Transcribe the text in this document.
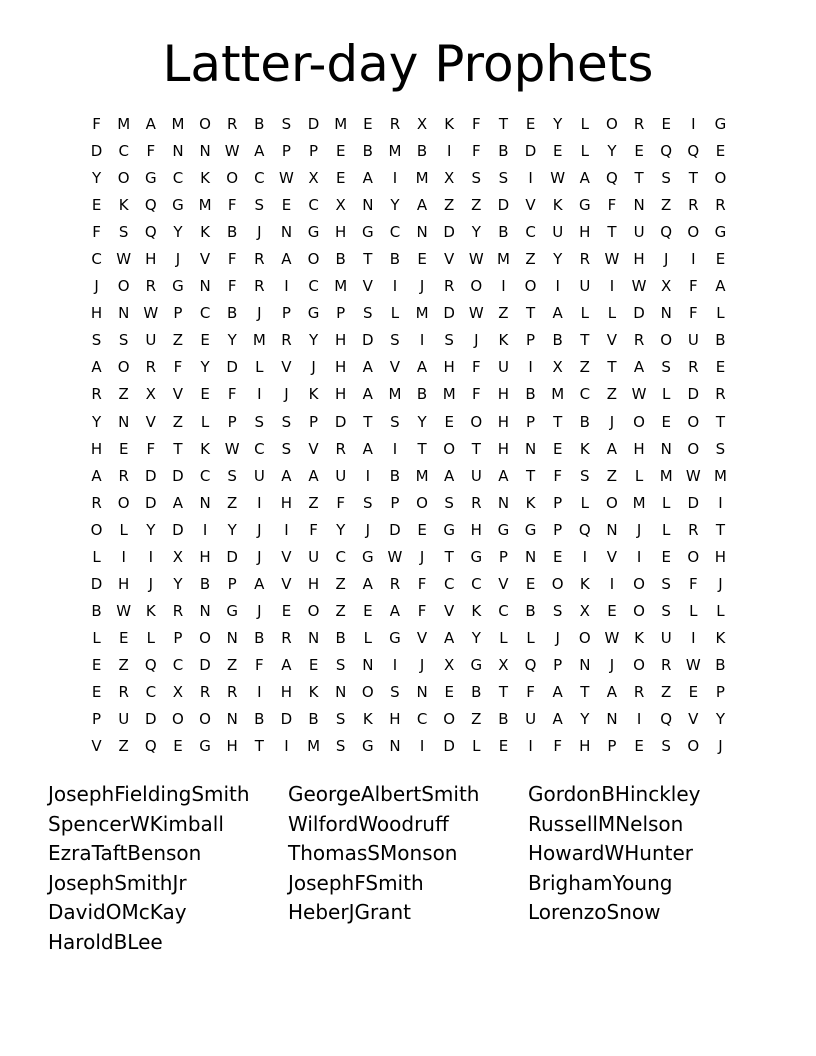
Latter-day Prophets
F	M	A	M O	R	B	S	D M	E	R	X	K	F	T	E	Y	L	O	R	E	I	G
D	C	F	N	N W A	P	P	E	B	M	B	I	F	B	D	E	L	Y	E	Q	Q	E
Y	O	G	C	K	O	C W X	E	A	I	M	X	S	S	I	W A	Q	T	S	T	O
E	K	Q	G M	F	S	E	C	X	N	Y	A	Z	Z	D	V	K	G	F	N	Z	R	R
F	S	Q	Y	K	B	J	N	G	H	G	C	N	D	Y	B	C	U	H	T	U	Q	O	G
C W H	J	V	F	R	A	O	B	T	B	E	V W M	Z	Y	R W H	J	I	E
J	O	R	G	N	F	R	I	C	M	V	I	J	R	O	I	O	I	U	I	W X	F	A
H	N W	P	C	B	J	P	G	P	S	L	M D W Z	T	A	L	L	D	N	F	L
S	S	U	Z	E	Y	M	R	Y	H	D	S	I	S	J	K	P	B	T	V	R	O	U	B
A	O	R	F	Y	D	L	V	J	H	A	V	A	H	F	U	I	X	Z	T	A	S	R	E
R	Z	X	V	E	F	I	J	K	H	A	M	B	M	F	H	B	M	C	Z W	L	D	R
Y	N	V	Z	L	P	S	S	P	D	T	S	Y	E	O	H	P	T	B	J	O	E	O	T
H	E	F	T	K W C	S	V	R	A	I	T	O	T	H	N	E	K	A	H	N	O	S
A	R	D	D	C	S	U	A	A	U	I	B	M	A	U	A	T	F	S	Z	L	M W M
R	O	D	A	N	Z	I	H	Z	F	S	P	O	S	R	N	K	P	L	O M	L	D	I
O	L	Y	D	I	Y	J	I	F	Y	J	D	E	G	H	G	G	P	Q	N	J	L	R	T
L	I	I	X	H	D	J	V	U	C	G W	J	T	G	P	N	E	I	V	I	E	O	H
D	H	J	Y	B	P	A	V	H	Z	A	R	F	C	C	V	E	O	K	I	O	S	F	J
B W K	R	N	G	J	E	O	Z	E	A	F	V	K	C	B	S	X	E	O	S	L	L
L	E	L	P	O	N	B	R	N	B	L	G	V	A	Y	L	L	J	O W K	U	I	K
E	Z	Q	C	D	Z	F	A	E	S	N	I	J	X	G	X	Q	P	N	J	O	R W B
E	R	C	X	R	R	I	H	K	N	O	S	N	E	B	T	F	A	T	A	R	Z	E	P
P	U	D	O	O	N	B	D	B	S	K	H	C	O	Z	B	U	A	Y	N	I	Q	V	Y
V	Z	Q	E	G	H	T	I	M	S	G	N	I	D	L	E	I	F	H	P	E	S	O	J
JosephFieldingSmith	GeorgeAlbertSmith	GordonBHinckley
SpencerWKimball	WilfordWoodruff	RussellMNelson
EzraTaftBenson	ThomasSMonson	HowardWHunter
JosephSmithJr	JosephFSmith	BrighamYoung
DavidOMcKay	HeberJGrant	LorenzoSnow
HaroldBLee
